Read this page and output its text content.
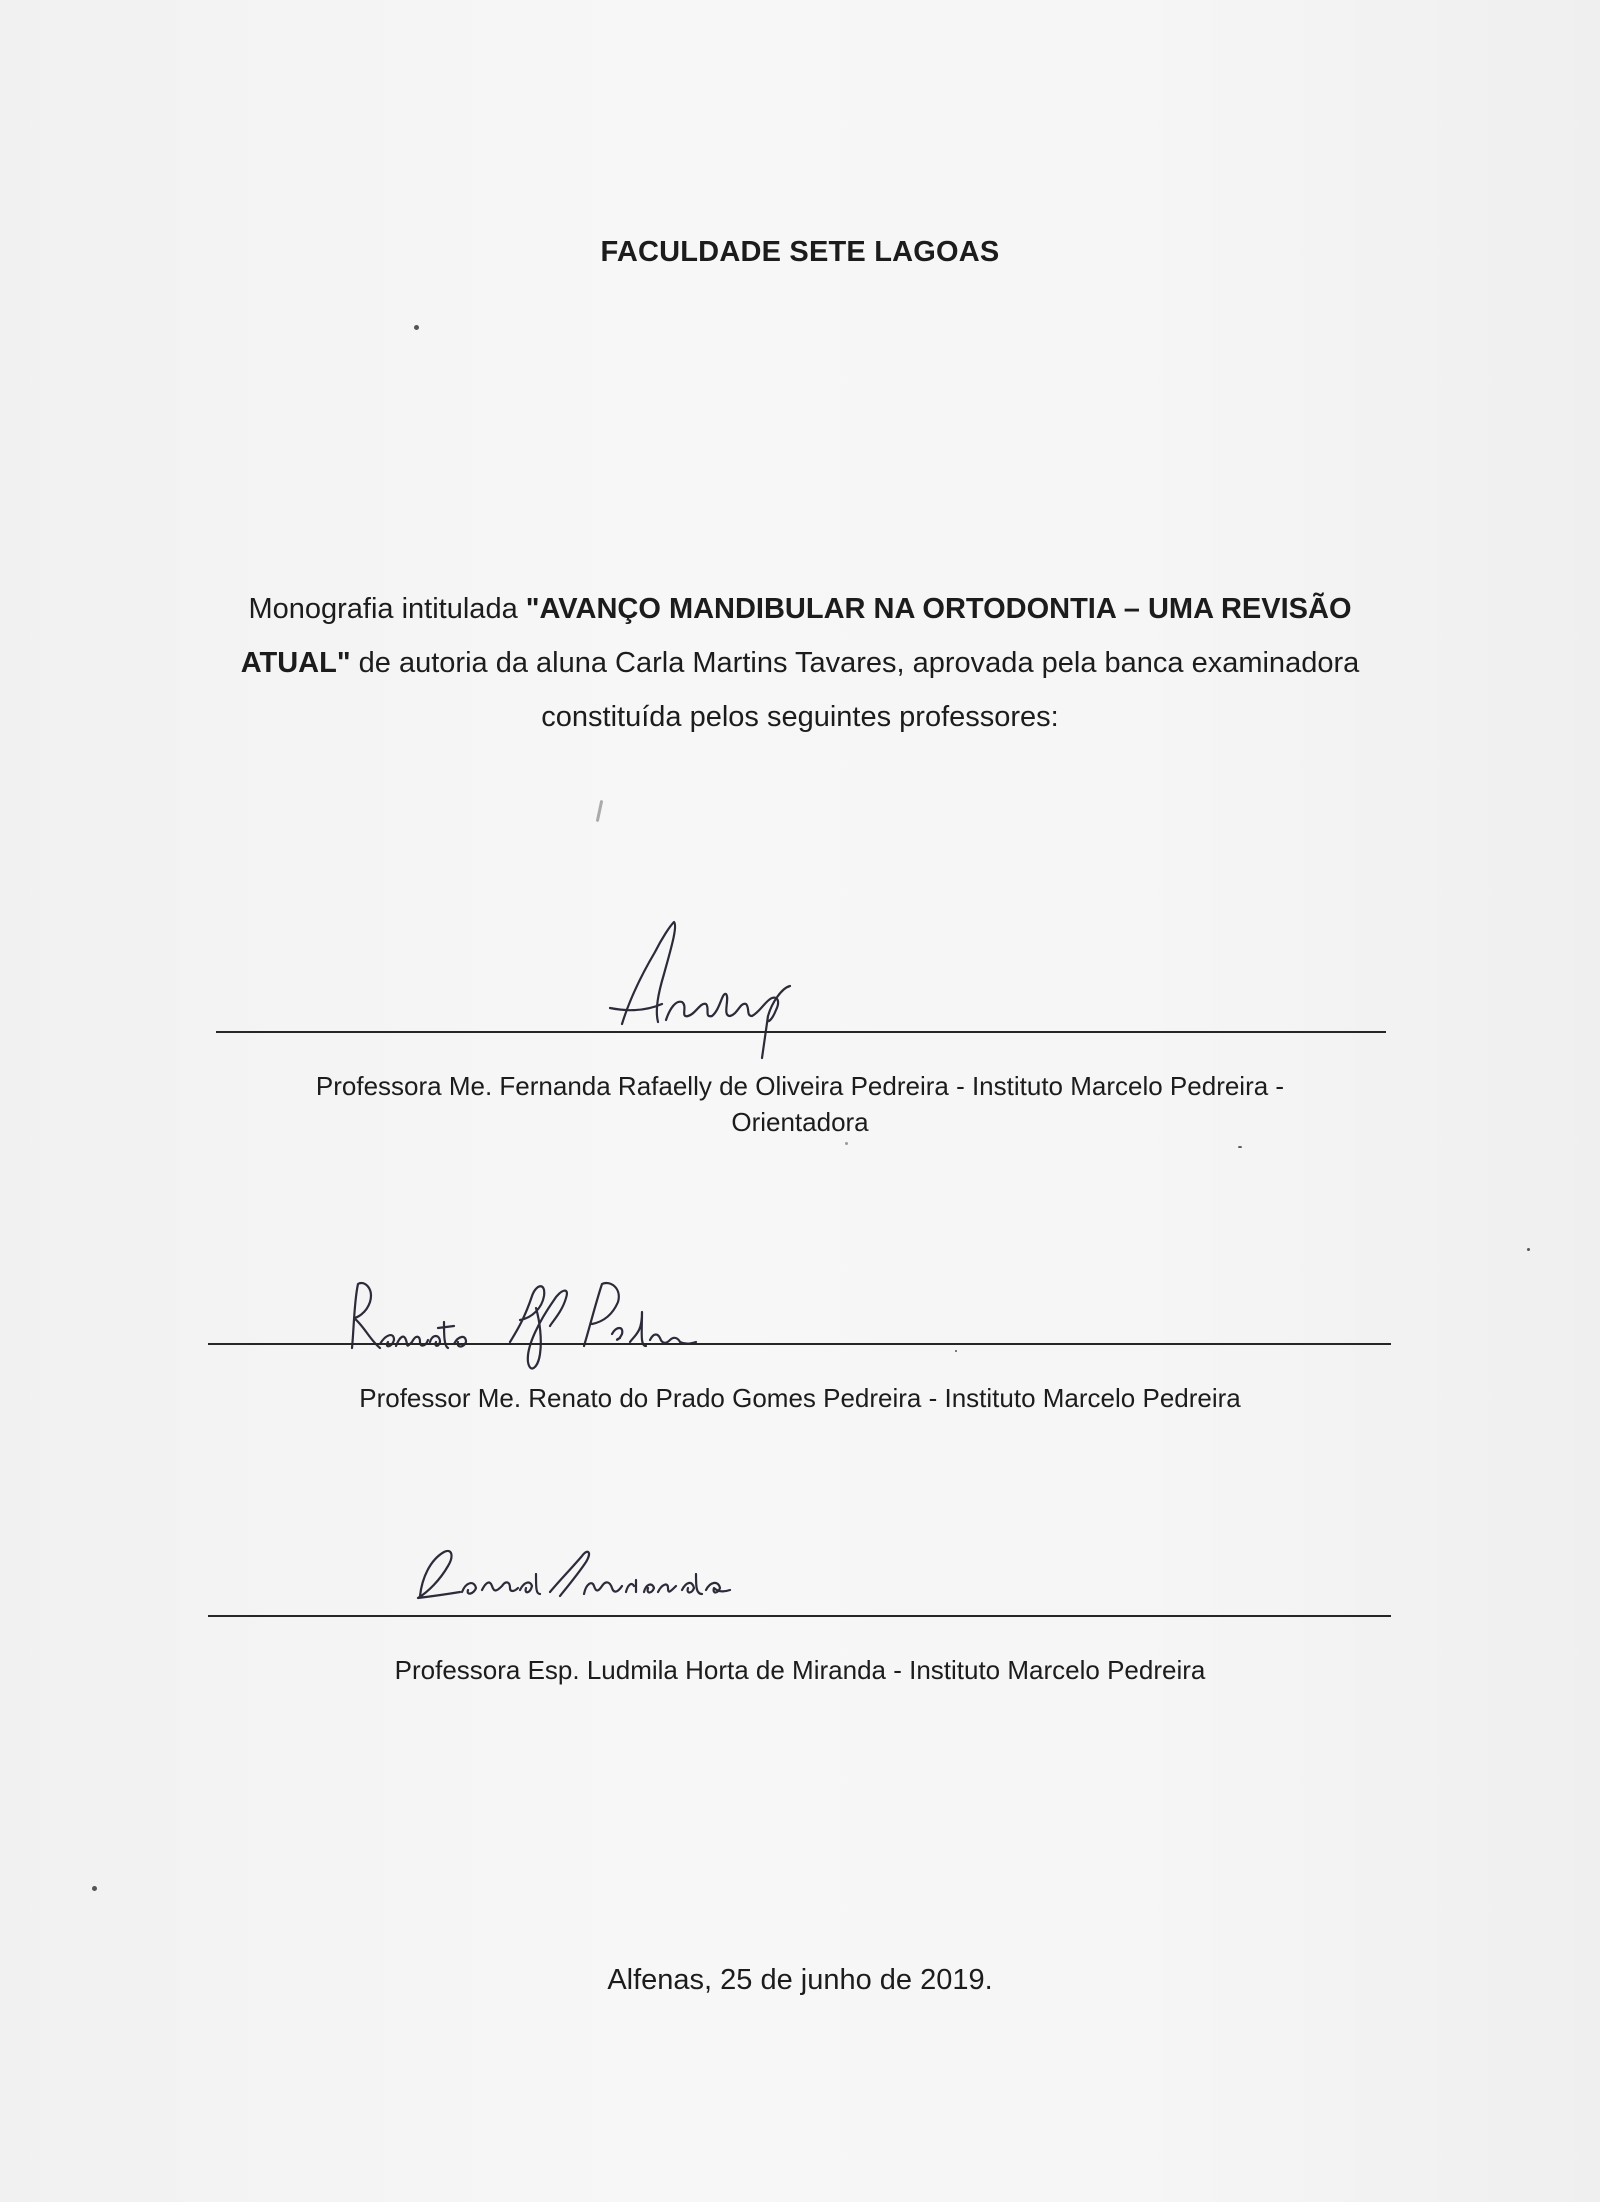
FACULDADE SETE LAGOAS
Monografia intitulada "AVANÇO MANDIBULAR NA ORTODONTIA – UMA REVISÃO ATUAL" de autoria da aluna Carla Martins Tavares, aprovada pela banca examinadora constituída pelos seguintes professores:
Professora Me. Fernanda Rafaelly de Oliveira Pedreira - Instituto Marcelo Pedreira -
Orientadora
Professor Me. Renato do Prado Gomes Pedreira - Instituto Marcelo Pedreira
Professora Esp. Ludmila Horta de Miranda - Instituto Marcelo Pedreira
Alfenas, 25 de junho de 2019.
